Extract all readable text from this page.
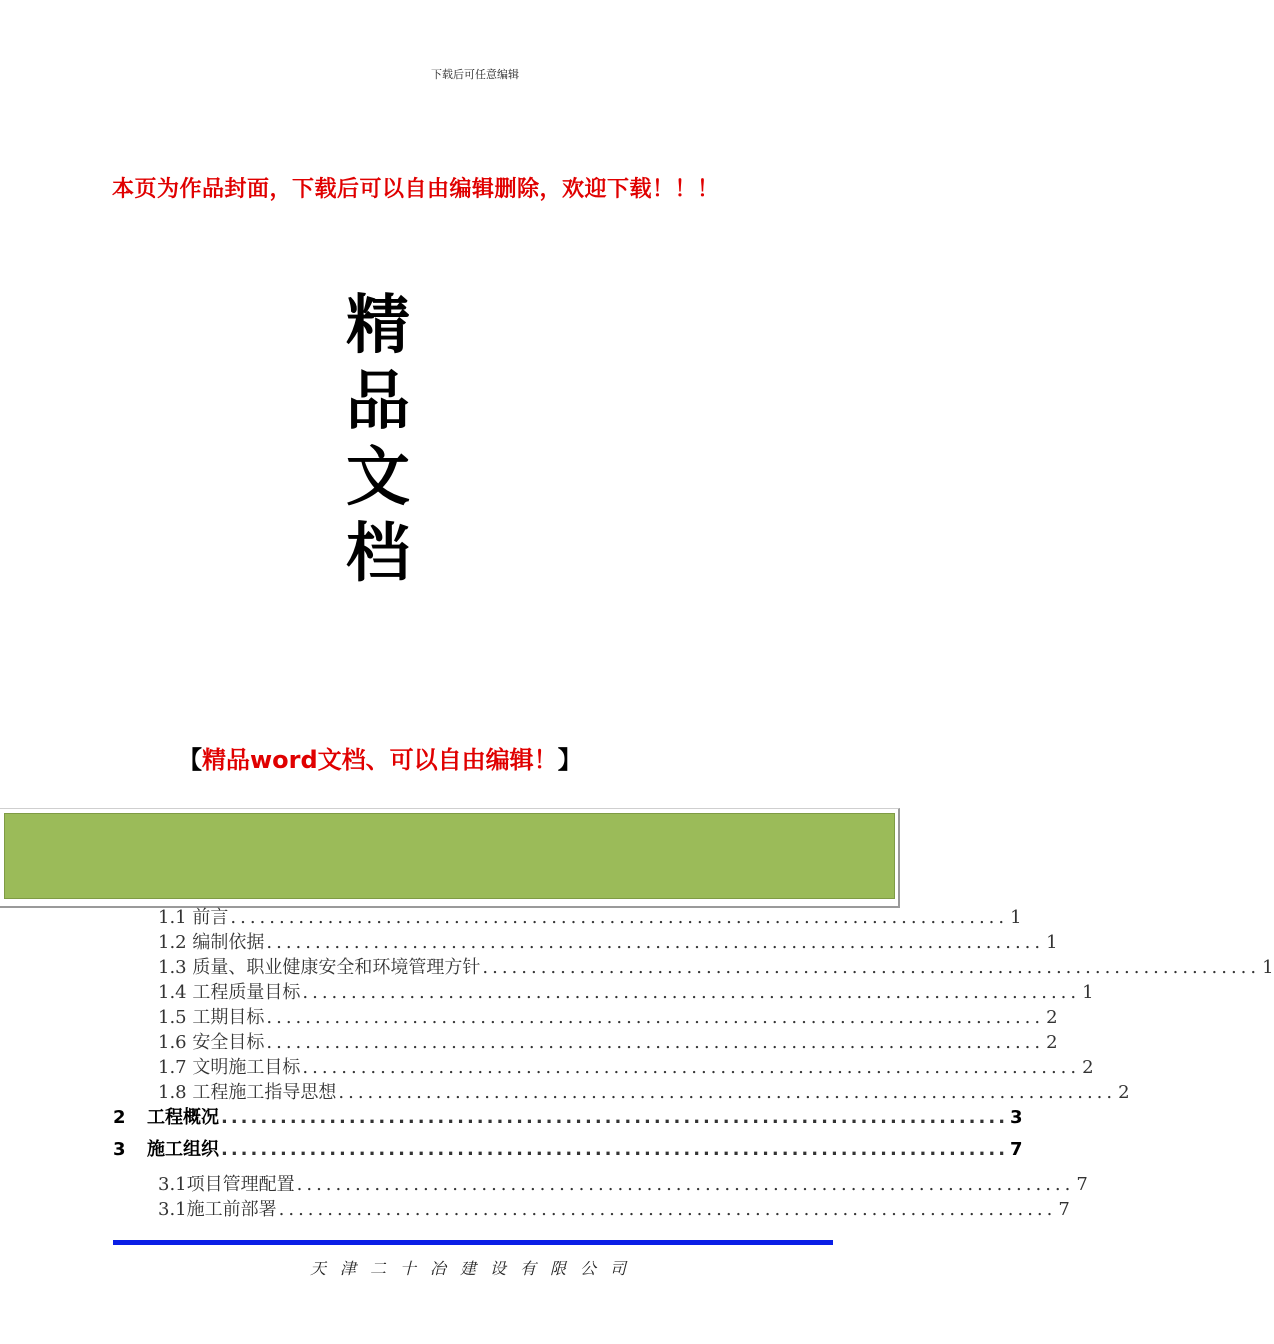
下载后可任意编辑
本页为作品封面，下载后可以自由编辑删除，欢迎下载！！！
精
品
文
档
【精品word文档、可以自由编辑！】
1.1
前言 ................................................................................ 1
1.2
编制依据 ................................................................................ 1
1.3
质量、职业健康安全和环境管理方针 ................................................................................ 1
1.4
工程质量目标 ................................................................................ 1
1.5
工期目标 ................................................................................ 2
1.6
安全目标 ................................................................................ 2
1.7
文明施工目标 ................................................................................ 2
1.8
工程施工指导思想 ................................................................................ 2
2	工程概况 ................................................................................ 3
3	施工组织 ................................................................................ 7
3.1 项目管理配置 ................................................................................ 7
3.1 施工前部署 ................................................................................ 7
天津二十冶建设有限公司
